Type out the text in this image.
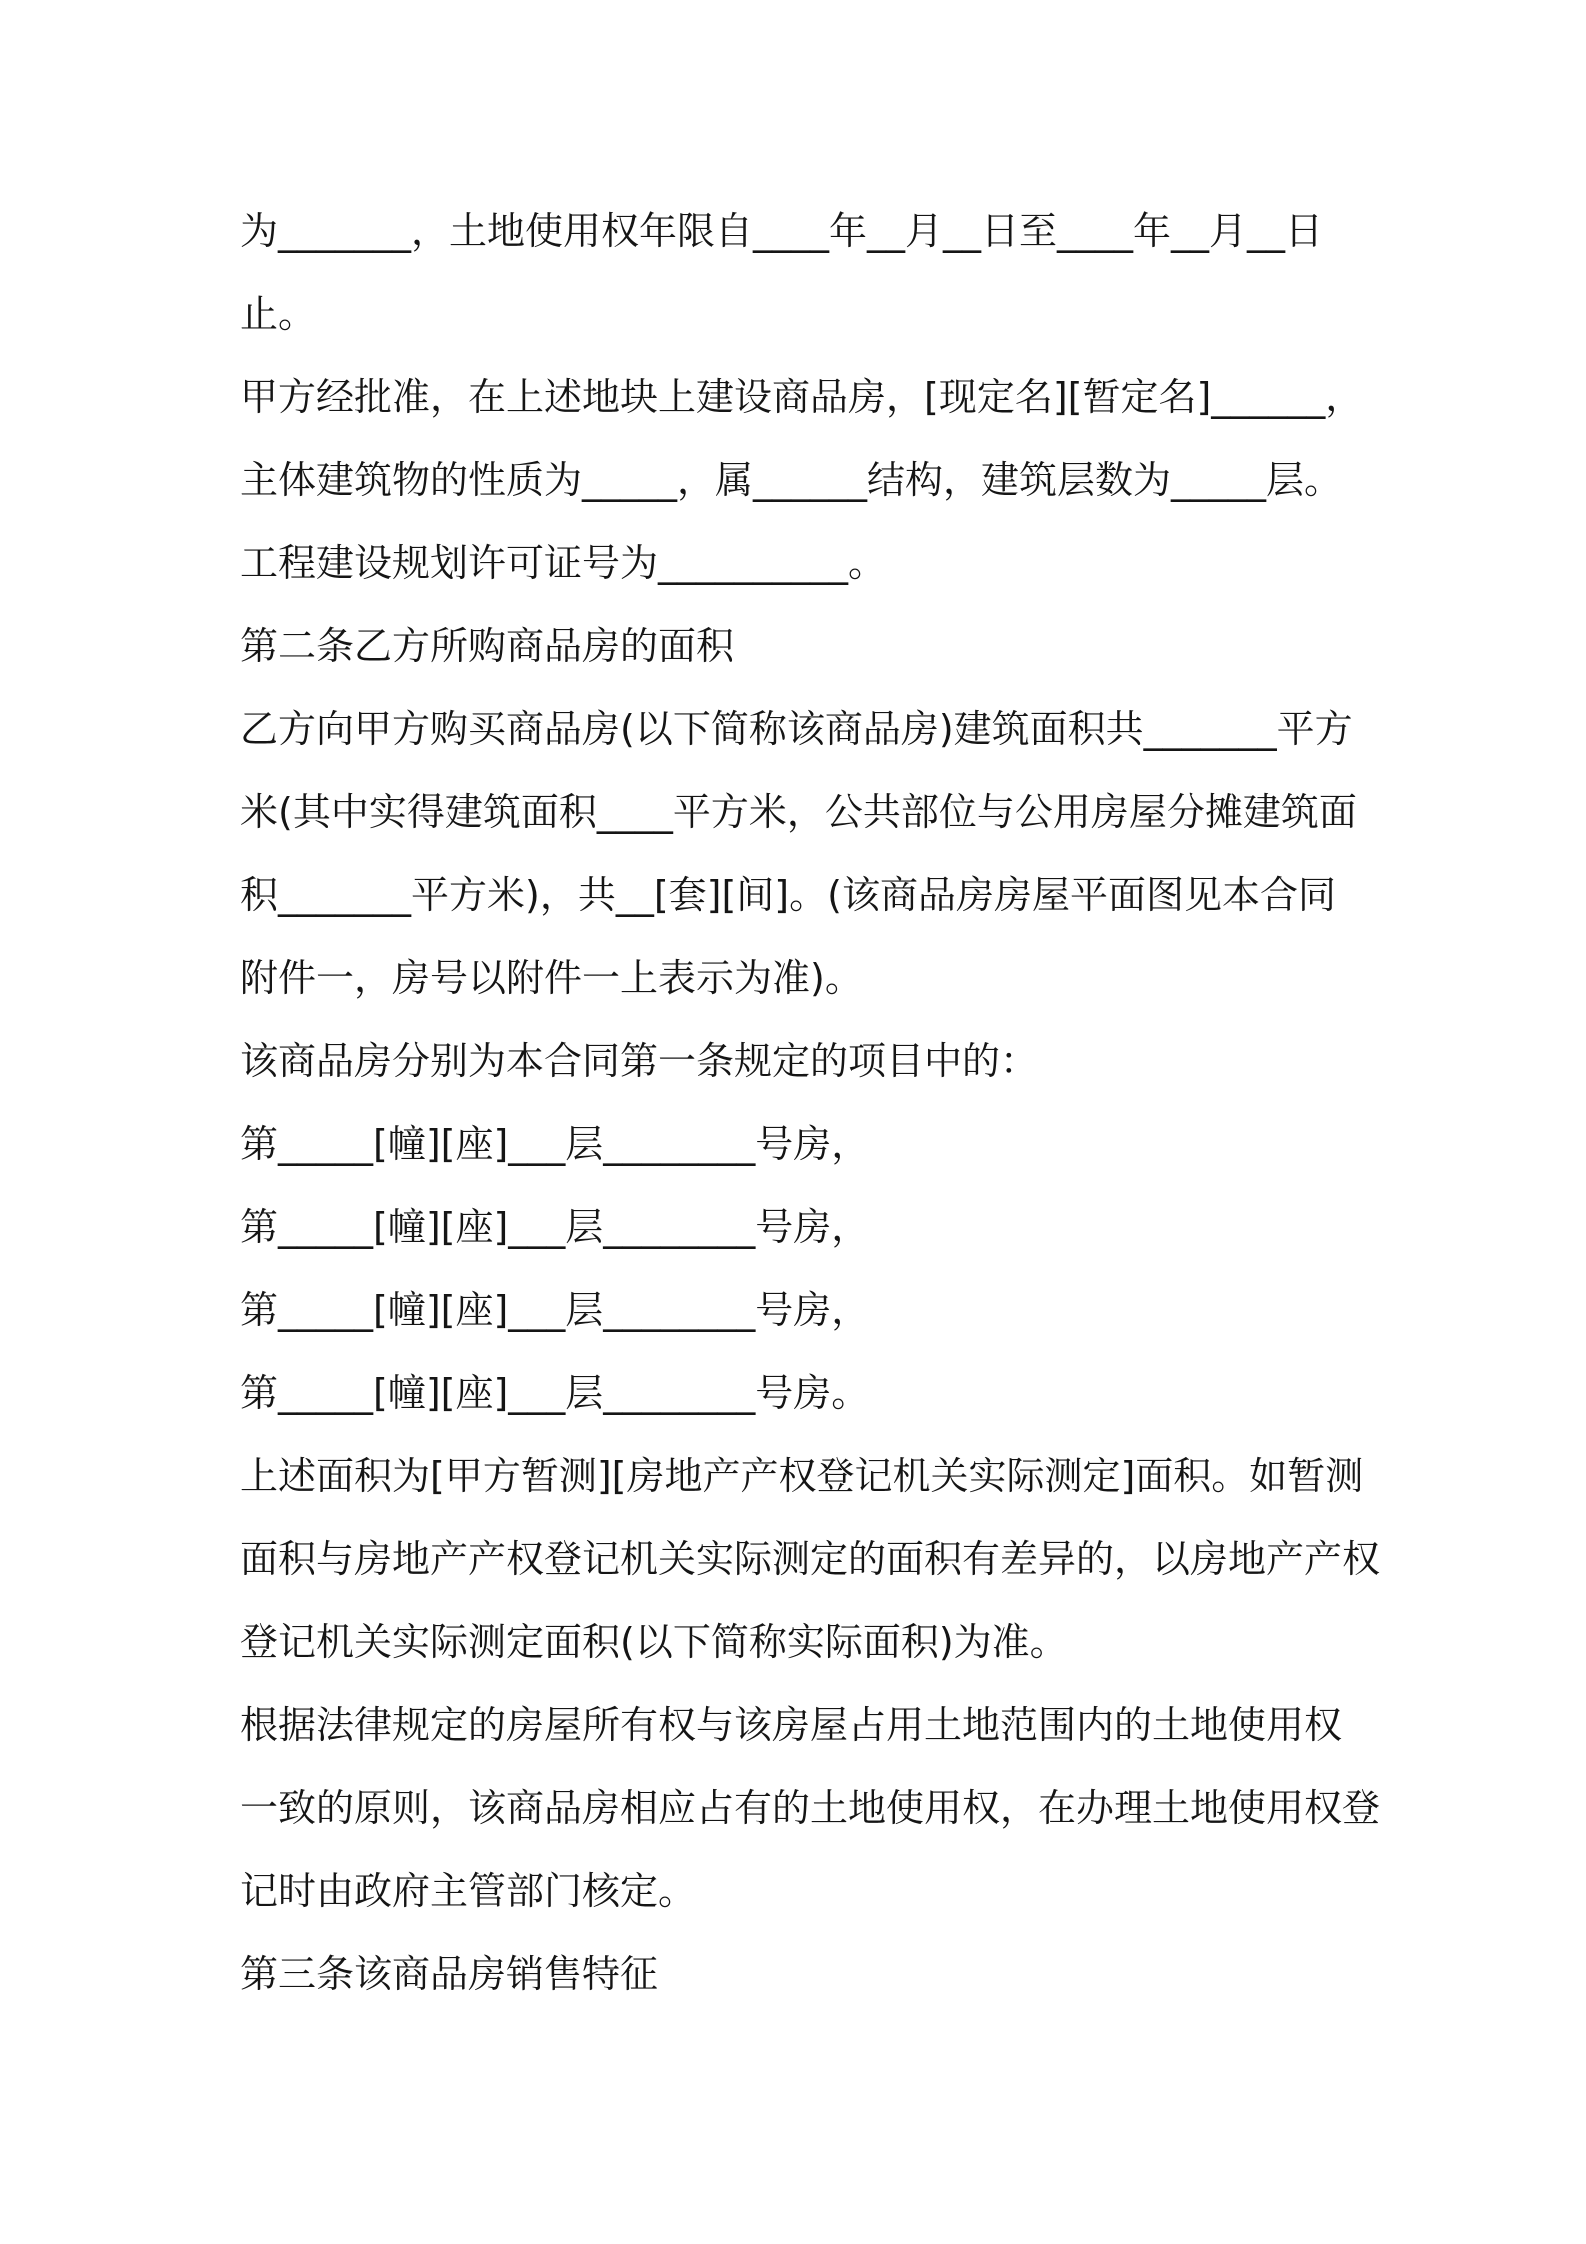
为_______，土地使用权年限自____年__月__日至____年__月__日
止。
甲方经批准，在上述地块上建设商品房，[现定名][暂定名]______，
主体建筑物的性质为_____，属______结构，建筑层数为_____层。
工程建设规划许可证号为__________。
第二条乙方所购商品房的面积
乙方向甲方购买商品房(以下简称该商品房)建筑面积共_______平方
米(其中实得建筑面积____平方米，公共部位与公用房屋分摊建筑面
积_______平方米)，共__[套][间]。(该商品房房屋平面图见本合同
附件一，房号以附件一上表示为准)。
该商品房分别为本合同第一条规定的项目中的：
第_____[幢][座]___层________号房，
第_____[幢][座]___层________号房，
第_____[幢][座]___层________号房，
第_____[幢][座]___层________号房。
上述面积为[甲方暂测][房地产产权登记机关实际测定]面积。如暂测
面积与房地产产权登记机关实际测定的面积有差异的，以房地产产权
登记机关实际测定面积(以下简称实际面积)为准。
根据法律规定的房屋所有权与该房屋占用土地范围内的土地使用权
一致的原则，该商品房相应占有的土地使用权，在办理土地使用权登
记时由政府主管部门核定。
第三条该商品房销售特征
